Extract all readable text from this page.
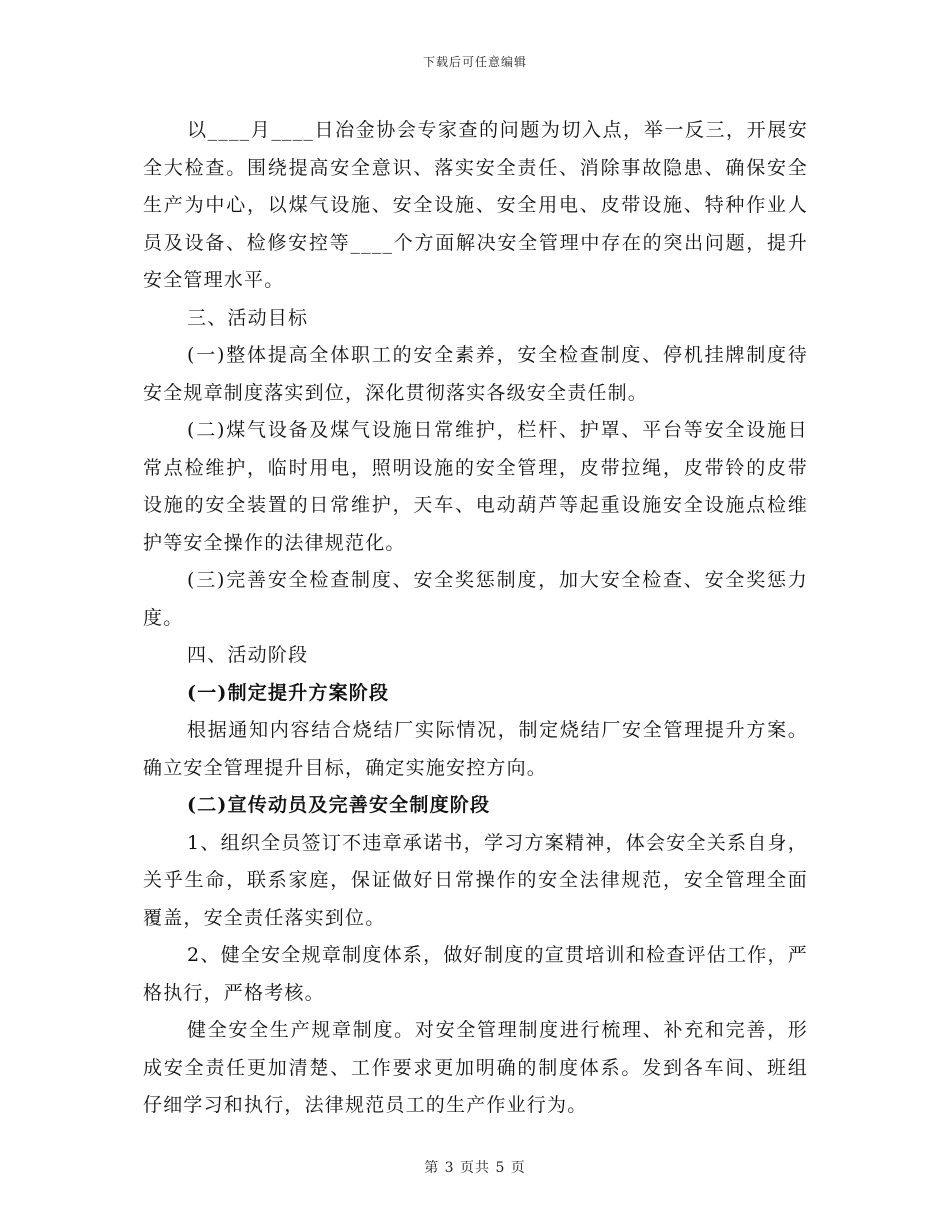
下载后可任意编辑

以____月____日冶金协会专家查的问题为切入点，举一反三，开展安全大检查。围绕提高安全意识、落实安全责任、消除事故隐患、确保安全生产为中心，以煤气设施、安全设施、安全用电、皮带设施、特种作业人员及设备、检修安控等____个方面解决安全管理中存在的突出问题，提升安全管理水平。

三、活动目标

(一)整体提高全体职工的安全素养，安全检查制度、停机挂牌制度待安全规章制度落实到位，深化贯彻落实各级安全责任制。

(二)煤气设备及煤气设施日常维护，栏杆、护罩、平台等安全设施日常点检维护，临时用电，照明设施的安全管理，皮带拉绳，皮带铃的皮带设施的安全装置的日常维护，天车、电动葫芦等起重设施安全设施点检维护等安全操作的法律规范化。

(三)完善安全检查制度、安全奖惩制度，加大安全检查、安全奖惩力度。

四、活动阶段

(一)制定提升方案阶段

根据通知内容结合烧结厂实际情况，制定烧结厂安全管理提升方案。确立安全管理提升目标，确定实施安控方向。

(二)宣传动员及完善安全制度阶段

1、组织全员签订不违章承诺书，学习方案精神，体会安全关系自身，关乎生命，联系家庭，保证做好日常操作的安全法律规范，安全管理全面覆盖，安全责任落实到位。

2、健全安全规章制度体系，做好制度的宣贯培训和检查评估工作，严格执行，严格考核。

健全安全生产规章制度。对安全管理制度进行梳理、补充和完善，形成安全责任更加清楚、工作要求更加明确的制度体系。发到各车间、班组仔细学习和执行，法律规范员工的生产作业行为。

第 3 页共 5 页
